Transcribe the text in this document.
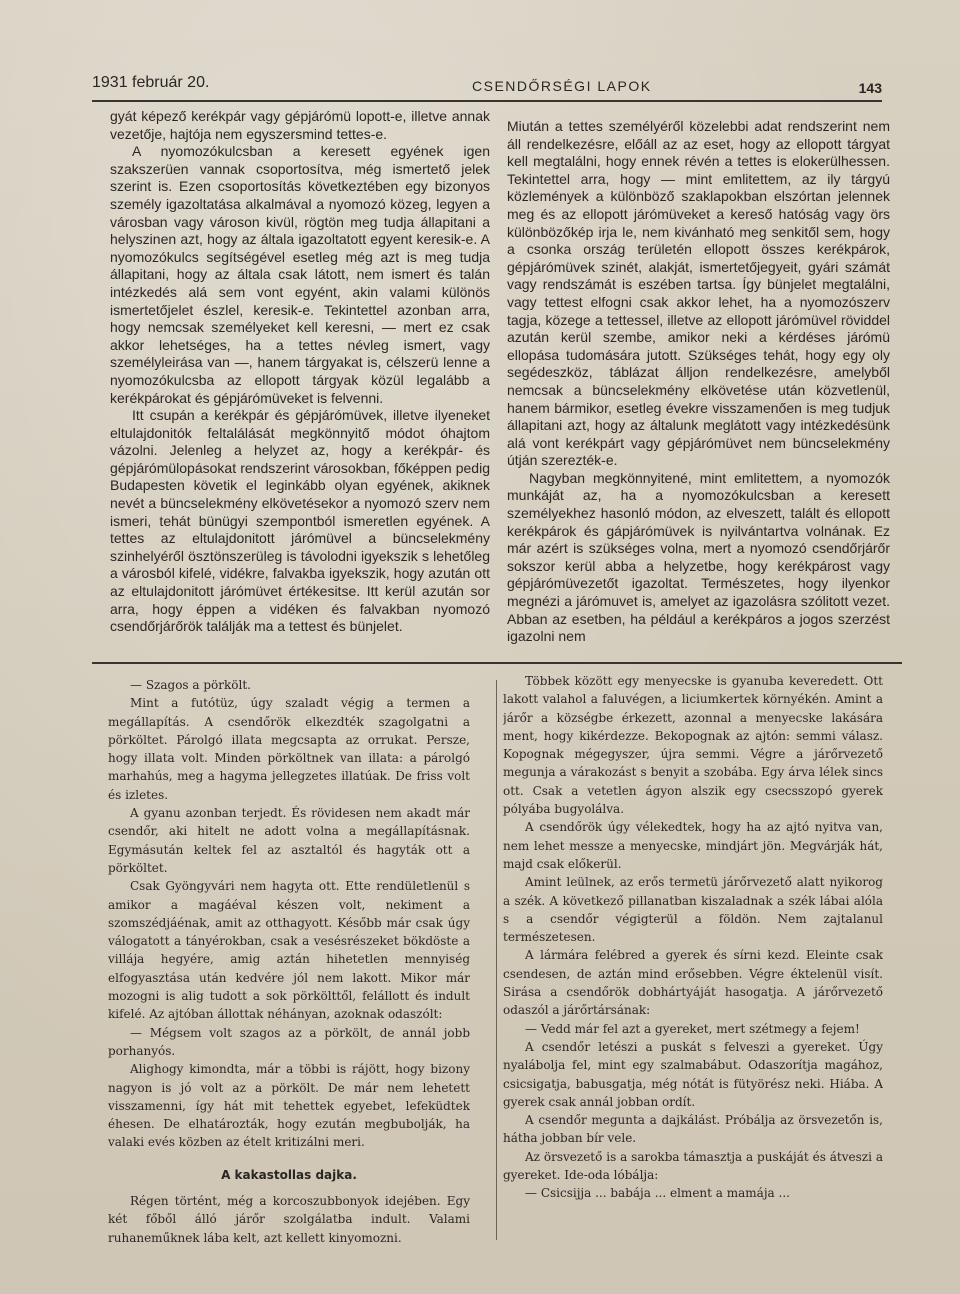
1931 február 20.	CSENDŐRSÉGI LAPOK	143

gyát képező kerékpár vagy gépjárómü lopott-e, illetve annak vezetője, hajtója nem egyszersmind tettes-e.

A nyomozókulcsban a keresett egyének igen szakszerüen vannak csoportosítva, még ismertető jelek szerint is. Ezen csoportosítás következtében egy bizonyos személy igazoltatása alkalmával a nyomozó közeg, legyen a városban vagy városon kivül, rögtön meg tudja állapitani a helyszinen azt, hogy az általa igazoltatott egyent keresik-e. A nyomozókulcs segítségével esetleg még azt is meg tudja állapitani, hogy az általa csak látott, nem ismert és talán intézkedés alá sem vont egyént, akin valami különös ismertetőjelet észlel, keresik-e. Tekintettel azonban arra, hogy nemcsak személyeket kell keresni, — mert ez csak akkor lehetséges, ha a tettes névleg ismert, vagy személyleirása van —, hanem tárgyakat is, célszerü lenne a nyomozókulcsba az ellopott tárgyak közül legalább a kerékpárokat és gépjárómüveket is felvenni.

Itt csupán a kerékpár és gépjárómüvek, illetve ilyeneket eltulajdonitók feltalálását megkönnyitő módot óhajtom vázolni. Jelenleg a helyzet az, hogy a kerékpár- és gépjárómülopásokat rendszerint városokban, főképpen pedig Budapesten követik el leginkább olyan egyének, akiknek nevét a büncselekmény elkövetésekor a nyomozó szerv nem ismeri, tehát bünügyi szempontból ismeretlen egyének. A tettes az eltulajdonitott járómüvel a büncselekmény szinhelyéről ösztönszerüleg is távolodni igyekszik s lehetőleg a városból kifelé, vidékre, falvakba igyekszik, hogy azután ott az eltulajdonitott járómüvet értékesitse. Itt kerül azután sor arra, hogy éppen a vidéken és falvakban nyomozó csendőrjárőrök találják ma a tettest és bünjelet.

Miután a tettes személyéről közelebbi adat rendszerint nem áll rendelkezésre, előáll az az eset, hogy az ellopott tárgyat kell megtalálni, hogy ennek révén a tettes is elokerülhessen. Tekintettel arra, hogy — mint emlitettem, az ily tárgyú közlemények a különböző szaklapokban elszórtan jelennek meg és az ellopott járómüveket a kereső hatóság vagy örs különbözőkép irja le, nem kivánható meg senkitől sem, hogy a csonka ország területén ellopott összes kerékpárok, gépjárómüvek szinét, alakját, ismertetőjegyeit, gyári számát vagy rendszámát is eszében tartsa. Így bünjelet megtalálni, vagy tettest elfogni csak akkor lehet, ha a nyomozószerv tagja, közege a tettessel, illetve az ellopott járómüvel röviddel azután kerül szembe, amikor neki a kérdéses járómü ellopása tudomására jutott. Szükséges tehát, hogy egy oly segédeszköz, táblázat álljon rendelkezésre, amelyből nemcsak a büncselekmény elkövetése után közvetlenül, hanem bármikor, esetleg évekre visszamenően is meg tudjuk állapitani azt, hogy az általunk meglátott vagy intézkedésünk alá vont kerékpárt vagy gépjárómüvet nem büncselekmény útján szerezték-e.

Nagyban megkönnyitené, mint emlitettem, a nyomozók munkáját az, ha a nyomozókulcsban a keresett személyekhez hasonló módon, az elveszett, talált és ellopott kerékpárok és gápjárómüvek is nyilvántartva volnának. Ez már azért is szükséges volna, mert a nyomozó csendőrjárőr sokszor kerül abba a helyzetbe, hogy kerékpárost vagy gépjárómüvezetőt igazoltat. Természetes, hogy ilyenkor megnézi a járómuvet is, amelyet az igazolásra szólitott vezet. Abban az esetben, ha például a kerékpáros a jogos szerzést igazolni nem

— Szagos a pörkölt.

Mint a futótüz, úgy szaladt végig a termen a megállapítás. A csendőrök elkezdték szagolgatni a pörköltet. Párolgó illata megcsapta az orrukat. Persze, hogy illata volt. Minden pörköltnek van illata: a párolgó marhahús, meg a hagyma jellegzetes illatúak. De friss volt és izletes.

A gyanu azonban terjedt. És rövidesen nem akadt már csendőr, aki hitelt ne adott volna a megállapításnak. Egymásután keltek fel az asztaltól és hagyták ott a pörköltet.

Csak Gyöngyvári nem hagyta ott. Ette rendületlenül s amikor a magáéval készen volt, nekiment a szomszédjáénak, amit az otthagyott. Később már csak úgy válogatott a tányérokban, csak a vesésrészeket bökdöste a villája hegyére, amig aztán hihetetlen mennyiség elfogyasztása után kedvére jól nem lakott. Mikor már mozogni is alig tudott a sok pörkölttől, felállott és indult kifelé. Az ajtóban állottak néhányan, azoknak odaszólt:

— Mégsem volt szagos az a pörkölt, de annál jobb porhanyós.

Alighogy kimondta, már a többi is rájött, hogy bizony nagyon is jó volt az a pörkölt. De már nem lehetett visszamenni, így hát mit tehettek egyebet, lefeküdtek éhesen. De elhatározták, hogy ezután megbubolják, ha valaki evés közben az ételt kritizálni meri.

A kakastollas dajka.

Régen történt, még a korcoszubbonyok idejében. Egy két főből álló járőr szolgálatba indult. Valami ruhaneműknek lába kelt, azt kellett kinyomozni.

Többek között egy menyecske is gyanuba keveredett. Ott lakott valahol a faluvégen, a liciumkertek környékén. Amint a járőr a községbe érkezett, azonnal a menyecske lakására ment, hogy kikérdezze. Bekopognak az ajtón: semmi válasz. Kopognak mégegyszer, újra semmi. Végre a járőrvezető megunja a várakozást s benyit a szobába. Egy árva lélek sincs ott. Csak a vetetlen ágyon alszik egy csecsszopó gyerek pólyába bugyolálva.

A csendőrök úgy vélekedtek, hogy ha az ajtó nyitva van, nem lehet messze a menyecske, mindjárt jön. Megvárják hát, majd csak előkerül.

Amint leülnek, az erős termetü járőrvezető alatt nyikorog a szék. A következő pillanatban kiszaladnak a szék lábai alóla s a csendőr végigterül a földön. Nem zajtalanul természetesen.

A lármára felébred a gyerek és sírni kezd. Eleinte csak csendesen, de aztán mind erősebben. Végre éktelenül visít. Sirása a csendőrök dobhártyáját hasogatja. A járőrvezető odaszól a járőrtársának:

— Vedd már fel azt a gyereket, mert szétmegy a fejem!

A csendőr letészi a puskát s felveszi a gyereket. Úgy nyalábolja fel, mint egy szalmabábut. Odaszorítja magához, csicsigatja, babusgatja, még nótát is fütyörész neki. Hiába. A gyerek csak annál jobban ordít.

A csendőr megunta a dajkálást. Próbálja az örsvezetőn is, hátha jobban bír vele.

Az örsvezető is a sarokba támasztja a puskáját és átveszi a gyereket. Ide-oda lóbálja:

— Csicsijja ... babája ... elment a mamája ...
